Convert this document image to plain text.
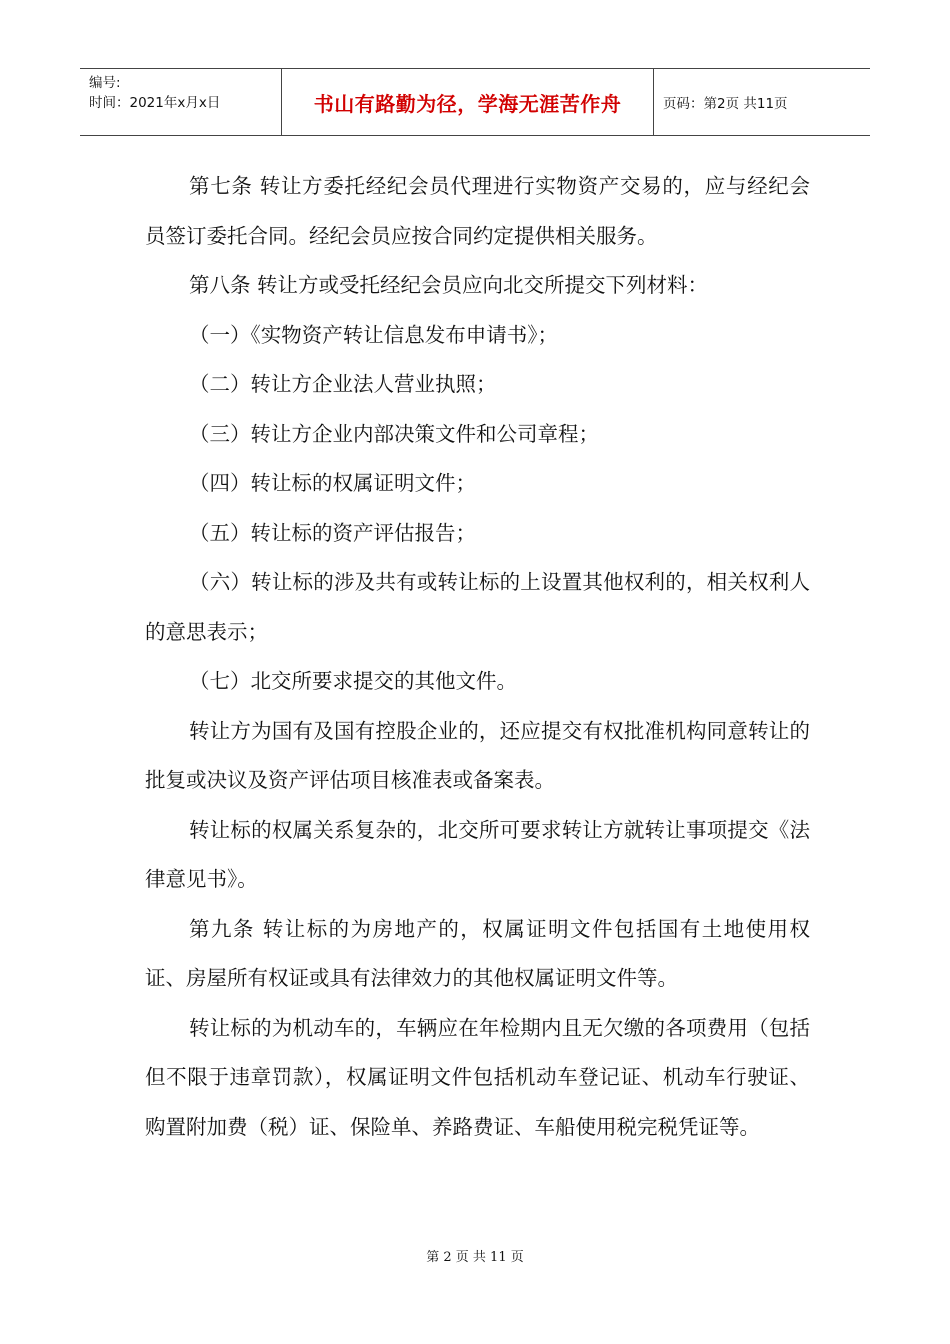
编号:
时间：2021年x月x日	书山有路勤为径，学海无涯苦作舟	页码：第2页 共11页

第七条 转让方委托经纪会员代理进行实物资产交易的，应与经纪会员签订委托合同。经纪会员应按合同约定提供相关服务。

第八条 转让方或受托经纪会员应向北交所提交下列材料：

（一）《实物资产转让信息发布申请书》；

（二）转让方企业法人营业执照；

（三）转让方企业内部决策文件和公司章程；

（四）转让标的权属证明文件；

（五）转让标的资产评估报告；

（六）转让标的涉及共有或转让标的上设置其他权利的，相关权利人的意思表示；

（七）北交所要求提交的其他文件。

转让方为国有及国有控股企业的，还应提交有权批准机构同意转让的批复或决议及资产评估项目核准表或备案表。

转让标的权属关系复杂的，北交所可要求转让方就转让事项提交《法律意见书》。

第九条 转让标的为房地产的，权属证明文件包括国有土地使用权证、房屋所有权证或具有法律效力的其他权属证明文件等。

转让标的为机动车的，车辆应在年检期内且无欠缴的各项费用（包括但不限于违章罚款），权属证明文件包括机动车登记证、机动车行驶证、购置附加费（税）证、保险单、养路费证、车船使用税完税凭证等。

第 2 页 共 11 页
